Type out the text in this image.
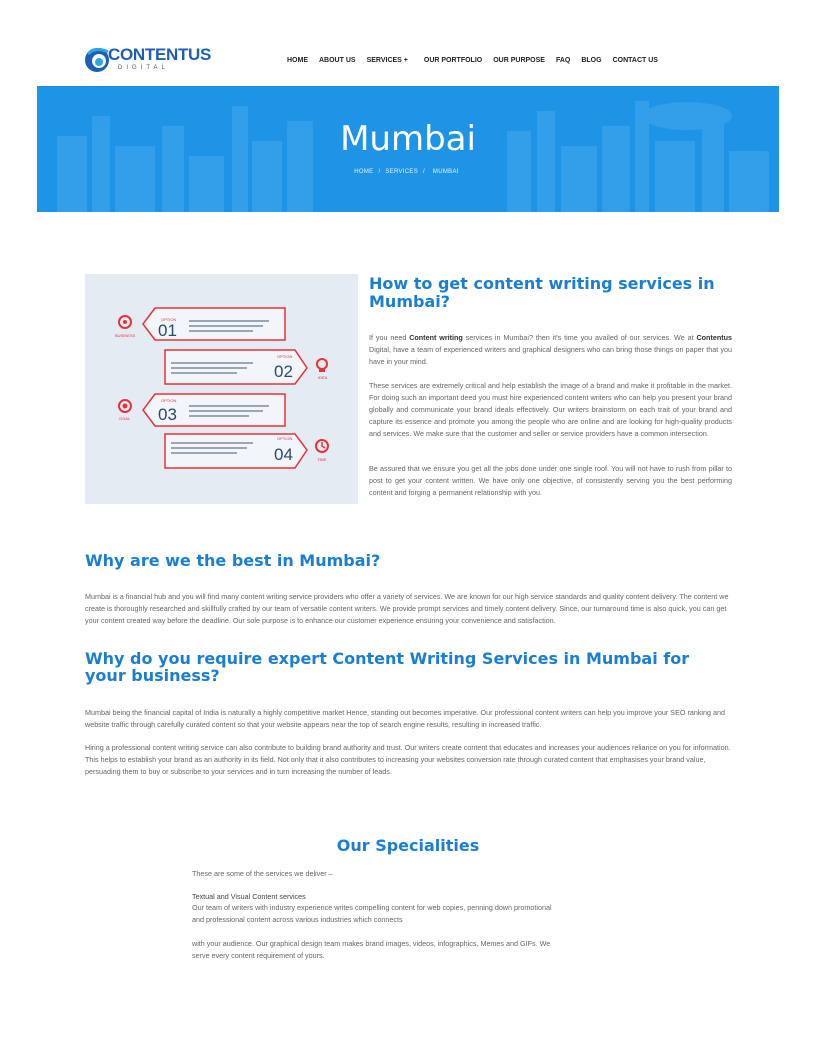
CONTENTUS
DIGITAL
HOME ABOUT US SERVICES + OUR PORTFOLIO OUR PURPOSE FAQ BLOG CONTACT US
Mumbai
HOME / SERVICES / MUMBAI
OPTION
01
BUSINESS
OPTION
02	IDEA
OPTION
03
GOAL
OPTION
04	TIME
How to get content writing services in Mumbai?

If you need Content writing services in Mumbai? then it's time you availed of our services. We at Contentus Digital, have a team of experienced writers and graphical designers who can bring those things on paper that you have in your mind.

These services are extremely critical and help establish the image of a brand and make it profitable in the market. For doing such an important deed you must hire experienced content writers who can help you present your brand globally and communicate your brand ideals effectively. Our writers brainstorm on each trait of your brand and capture its essence and promote you among the people who are online and are looking for high-quality products and services. We make sure that the customer and seller or service providers have a common intersection.

Be assured that we ensure you get all the jobs done under one single roof. You will not have to rush from pillar to post to get your content written. We have only one objective, of consistently serving you the best performing content and forging a permanent relationship with you.

Why are we the best in Mumbai?

Mumbai is a financial hub and you will find many content writing service providers who offer a variety of services. We are known for our high service standards and quality content delivery. The content we create is thoroughly researched and skillfully crafted by our team of versatile content writers. We provide prompt services and timely content delivery. Since, our turnaround time is also quick, you can get your content created way before the deadline. Our sole purpose is to enhance our customer experience ensuring your convenience and satisfaction.

Why do you require expert Content Writing Services in Mumbai for your business?

Mumbai being the financial capital of India is naturally a highly competitive market Hence, standing out becomes imperative. Our professional content writers can help you improve your SEO ranking and website traffic through carefully curated content so that your website appears near the top of search engine results, resulting in increased traffic.

Hiring a professional content writing service can also contribute to building brand authority and trust. Our writers create content that educates and increases your audiences reliance on you for information. This helps to establish your brand as an authority in its field. Not only that it also contributes to increasing your websites conversion rate through curated content that emphasises your brand value, persuading them to buy or subscribe to your services and in turn increasing the number of leads.

Our Specialities

These are some of the services we deliver –

Textual and Visual Content services

Our team of writers with industry experience writes compelling content for web copies, penning down promotional and professional content across various industries which connects

with your audience. Our graphical design team makes brand images, videos, infographics, Memes and GIFs. We serve every content requirement of yours.
